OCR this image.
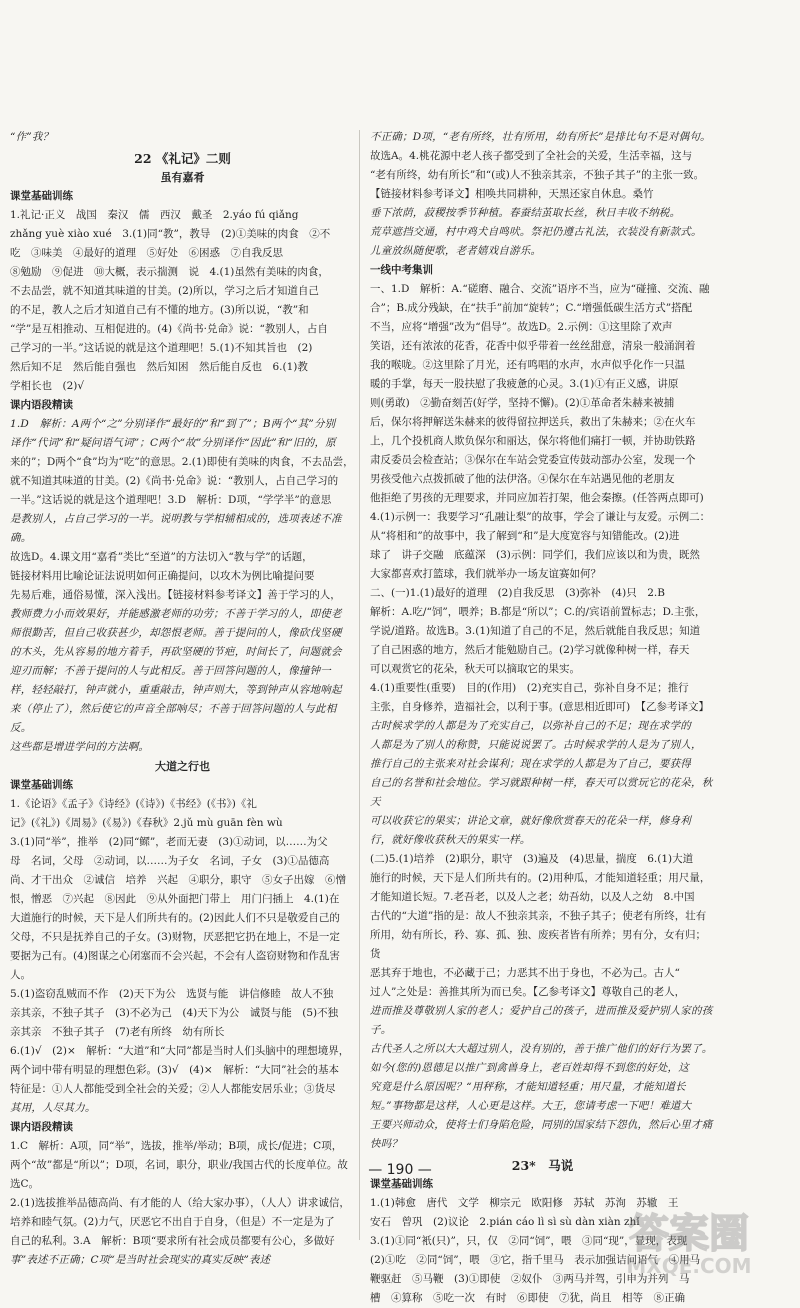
“作”我？
22 《礼记》二则
虽有嘉肴
课堂基础训练
1.礼记·正义　战国　秦汉　儒　西汉　戴圣　2.yáo fú qiǎng
zhǎng yuè xiào xué　3.(1)同“教”，教导　(2)①美味的肉食　②不
吃　③味美　④最好的道理　⑤好处　⑥困惑　⑦自我反思
⑧勉励　⑨促进　⑩大概，表示揣测　说　4.(1)虽然有美味的肉食，
不去品尝，就不知道其味道的甘美。(2)所以，学习之后才知道自己
的不足，教人之后才知道自己有不懂的地方。(3)所以说，“教”和
“学”是互相推动、互相促进的。(4)《尚书·兑命》说：“教别人，占自
己学习的一半。”这话说的就是这个道理吧！5.(1)不知其旨也　(2)
然后知不足　然后能自强也　然后知困　然后能自反也　6.(1)教
学相长也　(2)√
课内语段精读
1.D　解析：A两个“之”分别译作“最好的”和“到了”；B两个“其”分别
译作“代词”和“疑问语气词”；C两个“故”分别译作“因此”和“旧的，原
来的”；D两个“食”均为“吃”的意思。2.(1)即使有美味的肉食，不去品尝，
就不知道其味道的甘美。(2)《尚书·兑命》说：“教别人，占自己学习的
一半。”这话说的就是这个道理吧！3.D　解析：D项，“学学半”的意思
是教别人，占自己学习的一半。说明教与学相辅相成的，选项表述不准确。
故选D。4.课文用“嘉肴”类比“至道”的方法切入“教与学”的话题，
链接材料用比喻论证法说明如何正确提问，以攻木为例比喻提问要
先易后难，通俗易懂，深入浅出。【链接材料参考译文】善于学习的人，
教师费力小而效果好，并能感激老师的功劳；不善于学习的人，即使老
师很勤苦，但自己收获甚少，却怨恨老师。善于提问的人，像砍伐坚硬
的木头，先从容易的地方着手，再砍坚硬的节疤，时间长了，问题就会
迎刃而解；不善于提问的人与此相反。善于回答问题的人，像撞钟一
样，轻轻敲打，钟声就小，重重敲击，钟声则大，等到钟声从容地响起
来（停止了），然后使它的声音全部响尽；不善于回答问题的人与此相反。
这些都是增进学问的方法啊。
大道之行也
课堂基础训练
1.《论语》《孟子》《诗经》(《诗》)《书经》(《书》)《礼
记》(《礼》)《周易》(《易》)《春秋》2.jǔ mù guān fèn wù
3.(1)同“举”，推举　(2)同“鳏”，老而无妻　(3)①动词，以……为父
母　名词，父母　②动词，以……为子女　名词，子女　(3)①品德高
尚、才干出众　②诚信　培养　兴起　④职分，职守　⑤女子出嫁　⑥憎
恨，憎恶　⑦兴起　⑧因此　⑨从外面把门带上　用门闩插上　4.(1)在
大道施行的时候，天下是人们所共有的。(2)因此人们不只是敬爱自己的
父母，不只是抚养自己的子女。(3)财物，厌恶把它扔在地上，不是一定
要据为己有。(4)图谋之心闭塞而不会兴起，不会有人盗窃财物和作乱害人。
5.(1)盗窃乱贼而不作　(2)天下为公　选贤与能　讲信修睦　故人不独
亲其亲，不独子其子　(3)不必为己　(4)天下为公　诚贤与能　(5)不独
亲其亲　不独子其子　(7)老有所终　幼有所长
6.(1)√　(2)×　解析：“大道”和“大同”都是当时人们头脑中的理想境界，
两个词中带有明显的理想色彩。(3)√　(4)×　解析：“大同”社会的基本
特征是：①人人都能受到全社会的关爱；②人人都能安居乐业；③货尽
其用，人尽其力。
课内语段精读
1.C　解析：A项，同“举”，选拔，推举/举动；B项，成长/促进；C项，
两个“故”都是“所以”；D项，名词，职分，职业/我国古代的长度单位。故选C。
2.(1)选拔推举品德高尚、有才能的人（给大家办事），（人人）讲求诚信，
培养和睦气氛。(2)力气，厌恶它不出自于自身，（但是）不一定是为了
自己的私利。3.A　解析：B项“要求所有社会成员都要有公心，多做好
事”表述不正确；C项“是当时社会现实的真实反映”表述
不正确；D项，“老有所终，壮有所用，幼有所长”是排比句不是对偶句。
故选A。4.桃花源中老人孩子都受到了全社会的关爱，生活幸福，这与
“老有所终，幼有所长”和“(或)人不独亲其亲，不独子其子”的主张一致。
【链接材料参考译文】相唤共同耕种，天黑还家自休息。桑竹
垂下浓荫，菽稷按季节种植。春蚕结茧取长丝，秋日丰收不纳税。
荒草遮挡交通，村中鸡犬自鸣吠。祭祀仍遵古礼法，衣装没有新款式。
儿童放纵随便歌，老者嬉戏自游乐。
一线中考集训
一、1.D　解析：A.“磋磨、融合、交流”语序不当，应为“碰撞、交流、融
合”；B.成分残缺，在“扶手”前加“旋转”；C.“增强低碳生活方式”搭配
不当，应将“增强”改为“倡导”。故选D。2.示例：①这里除了欢声
笑语，还有浓浓的花香，花香中似乎带着一丝丝甜意，清泉一般涌润着
我的喉咙。②这里除了月光，还有鸣唱的水声，水声似乎化作一只温
暖的手掌，每天一股扶慰了我疲惫的心灵。3.(1)①有正义感，讲原
则(勇敢)　②勤奋刻苦(好学，坚持不懈)。(2)①革命者朱赫来被捕
后，保尔将押解送朱赫来的彼得留拉押送兵，救出了朱赫来；②在火车
上，几个投机商人欺负保尔和丽达，保尔将他们痛打一顿，并协助铁路
肃反委员会检查站；③保尔在车站会党委宣传鼓动部办公室，发现一个
男孩受他六点拨抓破了他的法伊洛。④保尔在车站遇见他的老朋友
他拒绝了男孩的无理要求，并同应加若打架，他会秦擦。(任答两点即可)
4.(1)示例一：我要学习“孔融让梨”的故事，学会了谦让与友爱。示例二：
从“将相和”的故事中，我了解到“和”是大度宽容与知错能改。(2)进
球了　讲子交融　底蕴深　(3)示例：同学们，我们应该以和为贵，既然
大家都喜欢打篮球，我们就举办一场友谊赛如何？
二、(一)1.(1)最好的道理　(2)自我反思　(3)弥补　(4)只　2.B
解析：A.吃/“饲”，喂养；B.都是“所以”；C.的/宾语前置标志；D.主张，
学说/道路。故选B。3.(1)知道了自己的不足，然后就能自我反思；知道
了自己困惑的地方，然后才能勉励自己。(2)学习就像种树一样，春天
可以观赏它的花朵，秋天可以摘取它的果实。
4.(1)重要性(重要)　目的(作用)　(2)充实自己，弥补自身不足；推行
主张，自身修养，造福社会，以利于事。(意思相近即可)　【乙参考译文】
古时候求学的人都是为了充实自己，以弥补自己的不足；现在求学的
人都是为了别人的称赞，只能说说罢了。古时候求学的人是为了别人，
推行自己的主张来对社会谋利；现在求学的人都是为了自己，要获得
自己的名誉和社会地位。学习就跟种树一样，春天可以赏玩它的花朵，秋天
可以收获它的果实；讲论文章，就好像欣赏春天的花朵一样，修身利
行，就好像收获秋天的果实一样。
(二)5.(1)培养　(2)职分，职守　(3)遍及　(4)思量，揣度　6.(1)大道
施行的时候，天下是人们所共有的。(2)用种瓜，才能知道轻重；用尺量，
才能知道长短。7.老吾老，以及人之老；幼吾幼，以及人之幼　8.中国
古代的“大道”指的是：故人不独亲其亲，不独子其子；使老有所终，壮有
所用，幼有所长，矜、寡、孤、独、废疾者皆有所养；男有分，女有归；货
恶其弃于地也，不必藏于己；力恶其不出于身也，不必为己。古人“
过人”之处是：善推其所为而已矣。【乙参考译文】尊敬自己的老人，
进而推及尊敬别人家的老人；爱护自己的孩子，进而推及爱护别人家的孩子。
古代圣人之所以大大超过别人，没有别的，善于推广他们的好行为罢了。
如今(您的)恩德足以推广到禽兽身上，老百姓却得不到您的好处，这
究竟是什么原因呢？“用秤称，才能知道轻重；用尺量，才能知道长
短。”事物都是这样，人心更是这样。大王，您请考虑一下吧！难道大
王要兴师动众，使将士们身陷危险，同别的国家结下怨仇，然后心里才痛快吗？
23*　马说
课堂基础训练
1.(1)韩愈　唐代　文学　柳宗元　欧阳修　苏轼　苏洵　苏辙　王
安石　曾巩　(2)议论　2.pián cáo lì sì sù dàn xiàn zhǐ
3.(1)①同“衹(只)”，只，仅　②同“饲”，喂　③同“现”，显现，表现
(2)①吃　②同“饲”，喂　③它，指千里马　表示加强诘问语气　④用马
鞭驱赶　⑤马鞭　(3)①即使　②奴仆　③两马并驾，引申为并列　马
槽　④算称　⑤吃一次　有时　⑥即使　⑦犹，尚且　相等　⑧正确
— 190 —
答案圈
MXQE.COM
